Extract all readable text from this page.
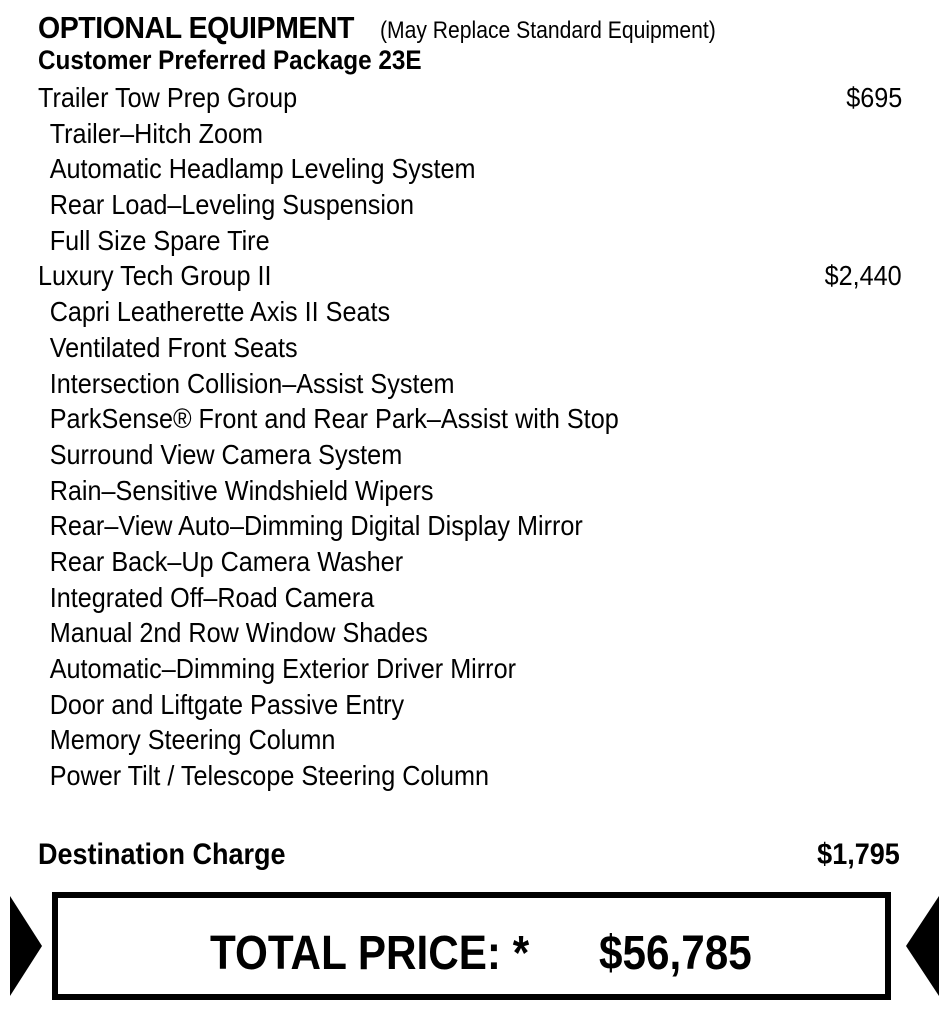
OPTIONAL EQUIPMENT (May Replace Standard Equipment)
Customer Preferred Package 23E
Trailer Tow Prep Group	$695
Trailer–Hitch Zoom
Automatic Headlamp Leveling System
Rear Load–Leveling Suspension
Full Size Spare Tire
Luxury Tech Group II	$2,440
Capri Leatherette Axis II Seats
Ventilated Front Seats
Intersection Collision–Assist System
ParkSense® Front and Rear Park–Assist with Stop
Surround View Camera System
Rain–Sensitive Windshield Wipers
Rear–View Auto–Dimming Digital Display Mirror
Rear Back–Up Camera Washer
Integrated Off–Road Camera
Manual 2nd Row Window Shades
Automatic–Dimming Exterior Driver Mirror
Door and Liftgate Passive Entry
Memory Steering Column
Power Tilt / Telescope Steering Column
Destination Charge	$1,795
TOTAL PRICE: * $56,785
